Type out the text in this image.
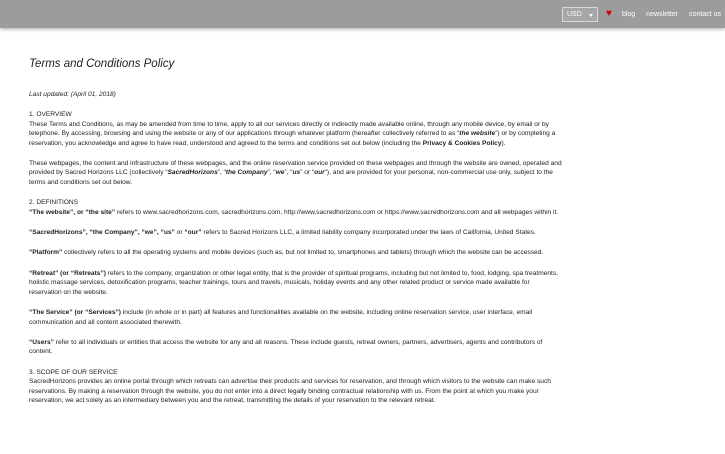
USD ♥ blog newsletter contact us
Terms and Conditions Policy

Last updated: (April 01, 2018)

1. OVERVIEW

These Terms and Conditions, as may be amended from time to time, apply to all our services directly or indirectly made available online, through any mobile device, by email or by telephone. By accessing, browsing and using the website or any of our applications through whatever platform (hereafter collectively referred to as “the website”) or by completing a reservation, you acknowledge and agree to have read, understood and agreed to the terms and conditions set out below (including the Privacy & Cookies Policy).

These webpages, the content and infrastructure of these webpages, and the online reservation service provided on these webpages and through the website are owned, operated and provided by Sacred Horizons LLC (collectively “SacredHorizons”, “the Company”, “we”, “us” or “our”), and are provided for your personal, non-commercial use only, subject to the terms and conditions set out below.

2. DEFINITIONS

“The website”, or “the site” refers to www.sacredhorizons.com, sacredhorizons.com, http://www.sacredhorizons.com or https://www.sacredhorizons.com and all webpages within it.

“SacredHorizons”, “the Company”, “we”, “us” or “our” refers to Sacred Horizons LLC, a limited liability company incorporated under the laws of California, United States.

“Platform” collectively refers to all the operating systems and mobile devices (such as, but not limited to, smartphones and tablets) through which the website can be accessed.

“Retreat” (or “Retreats”) refers to the company, organization or other legal entity, that is the provider of spiritual programs, including but not limited to, food, lodging, spa treatments, holistic massage services, detoxification programs, teacher trainings, tours and travels, musicals, holiday events and any other related product or service made available for reservation on the website.

“The Service” (or “Services”) include (in whole or in part) all features and functionalities available on the website, including online reservation service, user interface, email communication and all content associated therewith.

“Users” refer to all individuals or entities that access the website for any and all reasons. These include guests, retreat owners, partners, advertisers, agents and contributors of content.

3. SCOPE OF OUR SERVICE

SacredHorizons provides an online portal through which retreats can advertise their products and services for reservation, and through which visitors to the website can make such reservations. By making a reservation through the website, you do not enter into a direct legally binding contractual relationship with us. From the point at which you make your reservation, we act solely as an intermediary between you and the retreat, transmitting the details of your reservation to the relevant retreat.
